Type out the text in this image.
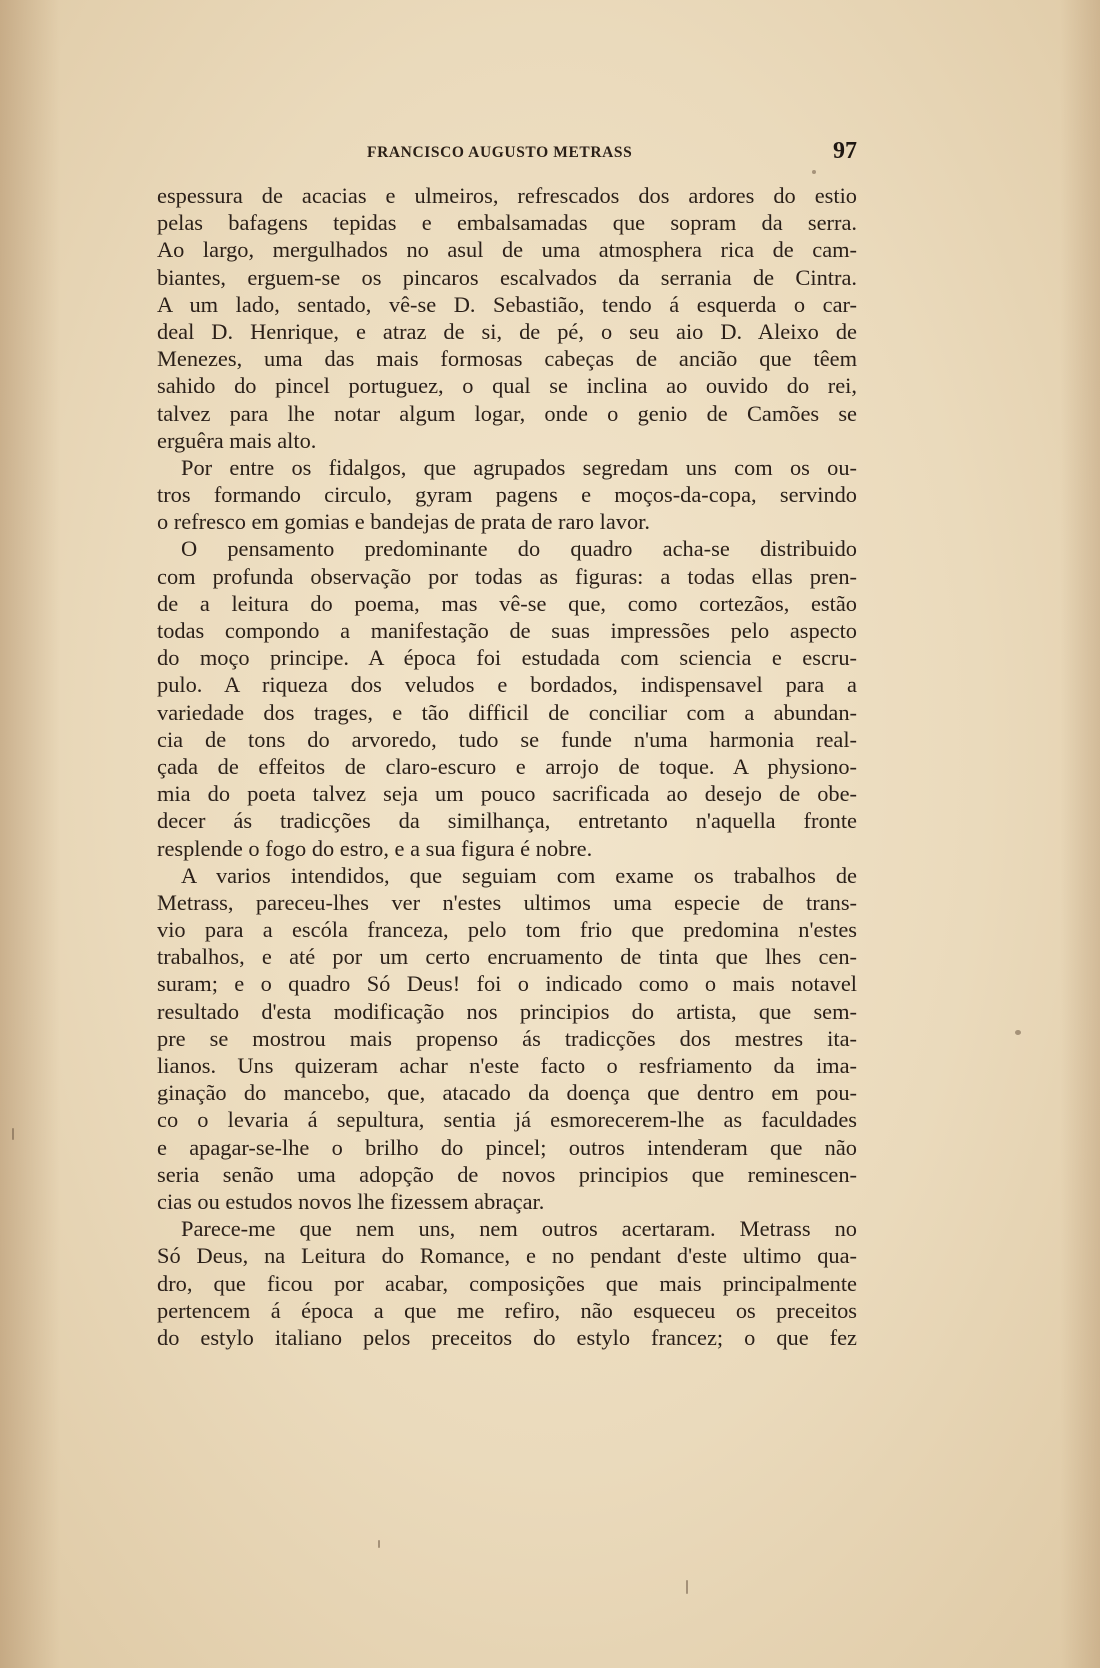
FRANCISCO AUGUSTO METRASS	97
espessura de acacias e ulmeiros, refrescados dos ardores do estio
pelas bafagens tepidas e embalsamadas que sopram da serra.
Ao largo, mergulhados no asul de uma atmosphera rica de cam-
biantes, erguem-se os pincaros escalvados da serrania de Cintra.
A um lado, sentado, vê-se D. Sebastião, tendo á esquerda o car-
deal D. Henrique, e atraz de si, de pé, o seu aio D. Aleixo de
Menezes, uma das mais formosas cabeças de ancião que têem
sahido do pincel portuguez, o qual se inclina ao ouvido do rei,
talvez para lhe notar algum logar, onde o genio de Camões se
erguêra mais alto.
Por entre os fidalgos, que agrupados segredam uns com os ou-
tros formando circulo, gyram pagens e moços-da-copa, servindo
o refresco em gomias e bandejas de prata de raro lavor.
O pensamento predominante do quadro acha-se distribuido
com profunda observação por todas as figuras: a todas ellas pren-
de a leitura do poema, mas vê-se que, como cortezãos, estão
todas compondo a manifestação de suas impressões pelo aspecto
do moço principe. A época foi estudada com sciencia e escru-
pulo. A riqueza dos veludos e bordados, indispensavel para a
variedade dos trages, e tão difficil de conciliar com a abundan-
cia de tons do arvoredo, tudo se funde n'uma harmonia real-
çada de effeitos de claro-escuro e arrojo de toque. A physiono-
mia do poeta talvez seja um pouco sacrificada ao desejo de obe-
decer ás tradicções da similhança, entretanto n'aquella fronte
resplende o fogo do estro, e a sua figura é nobre.
A varios intendidos, que seguiam com exame os trabalhos de
Metrass, pareceu-lhes ver n'estes ultimos uma especie de trans-
vio para a escóla franceza, pelo tom frio que predomina n'estes
trabalhos, e até por um certo encruamento de tinta que lhes cen-
suram; e o quadro Só Deus! foi o indicado como o mais notavel
resultado d'esta modificação nos principios do artista, que sem-
pre se mostrou mais propenso ás tradicções dos mestres ita-
lianos. Uns quizeram achar n'este facto o resfriamento da ima-
ginação do mancebo, que, atacado da doença que dentro em pou-
co o levaria á sepultura, sentia já esmorecerem-lhe as faculdades
e apagar-se-lhe o brilho do pincel; outros intenderam que não
seria senão uma adopção de novos principios que reminescen-
cias ou estudos novos lhe fizessem abraçar.
Parece-me que nem uns, nem outros acertaram. Metrass no
Só Deus, na Leitura do Romance, e no pendant d'este ultimo qua-
dro, que ficou por acabar, composições que mais principalmente
pertencem á época a que me refiro, não esqueceu os preceitos
do estylo italiano pelos preceitos do estylo francez; o que fez
